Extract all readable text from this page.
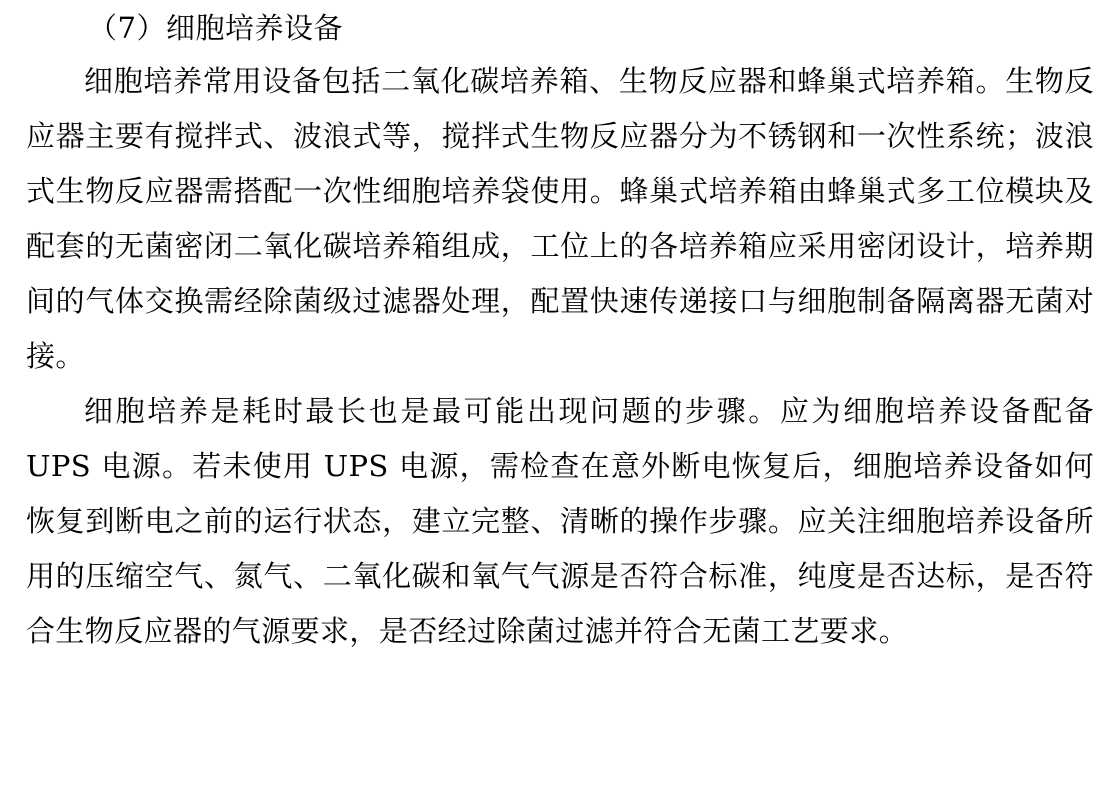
（7）细胞培养设备

细胞培养常用设备包括二氧化碳培养箱、生物反应器和蜂巢式培养箱。生物反应器主要有搅拌式、波浪式等，搅拌式生物反应器分为不锈钢和一次性系统；波浪式生物反应器需搭配一次性细胞培养袋使用。蜂巢式培养箱由蜂巢式多工位模块及配套的无菌密闭二氧化碳培养箱组成，工位上的各培养箱应采用密闭设计，培养期间的气体交换需经除菌级过滤器处理，配置快速传递接口与细胞制备隔离器无菌对接。

细胞培养是耗时最长也是最可能出现问题的步骤。应为细胞培养设备配备 UPS 电源。若未使用 UPS 电源，需检查在意外断电恢复后，细胞培养设备如何恢复到断电之前的运行状态，建立完整、清晰的操作步骤。应关注细胞培养设备所用的压缩空气、氮气、二氧化碳和氧气气源是否符合标准，纯度是否达标，是否符合生物反应器的气源要求，是否经过除菌过滤并符合无菌工艺要求。
